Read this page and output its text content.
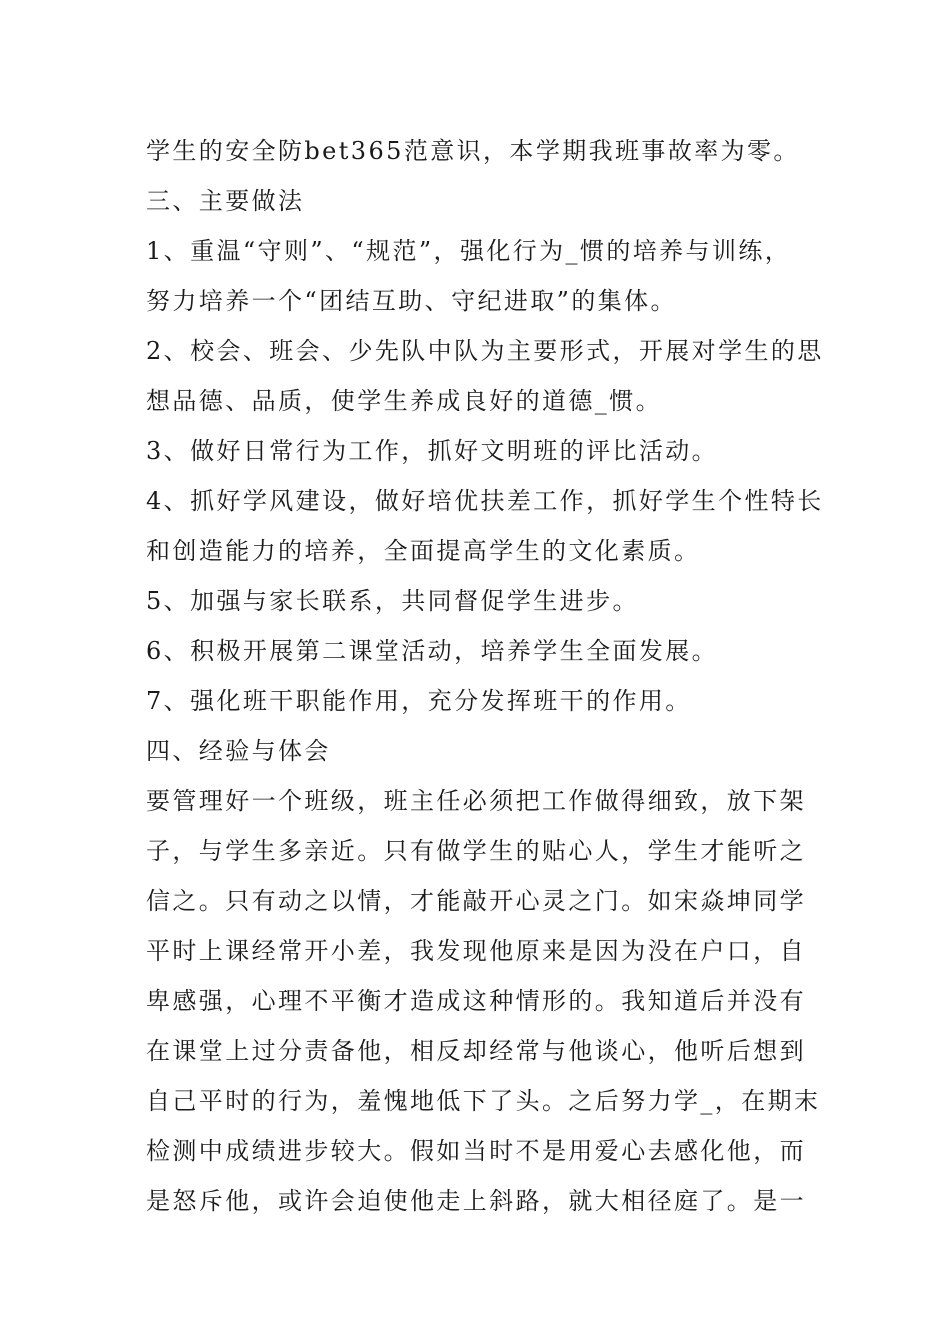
学生的安全防bet365范意识，本学期我班事故率为零。
三、主要做法
1、重温“守则”、“规范”，强化行为_惯的培养与训练，
努力培养一个“团结互助、守纪进取”的集体。
2、校会、班会、少先队中队为主要形式，开展对学生的思
想品德、品质，使学生养成良好的道德_惯。
3、做好日常行为工作，抓好文明班的评比活动。
4、抓好学风建设，做好培优扶差工作，抓好学生个性特长
和创造能力的培养，全面提高学生的文化素质。
5、加强与家长联系，共同督促学生进步。
6、积极开展第二课堂活动，培养学生全面发展。
7、强化班干职能作用，充分发挥班干的作用。
四、经验与体会
要管理好一个班级，班主任必须把工作做得细致，放下架
子，与学生多亲近。只有做学生的贴心人，学生才能听之
信之。只有动之以情，才能敲开心灵之门。如宋焱坤同学
平时上课经常开小差，我发现他原来是因为没在户口，自
卑感强，心理不平衡才造成这种情形的。我知道后并没有
在课堂上过分责备他，相反却经常与他谈心，他听后想到
自己平时的行为，羞愧地低下了头。之后努力学_，在期末
检测中成绩进步较大。假如当时不是用爱心去感化他，而
是怒斥他，或许会迫使他走上斜路，就大相径庭了。是一
